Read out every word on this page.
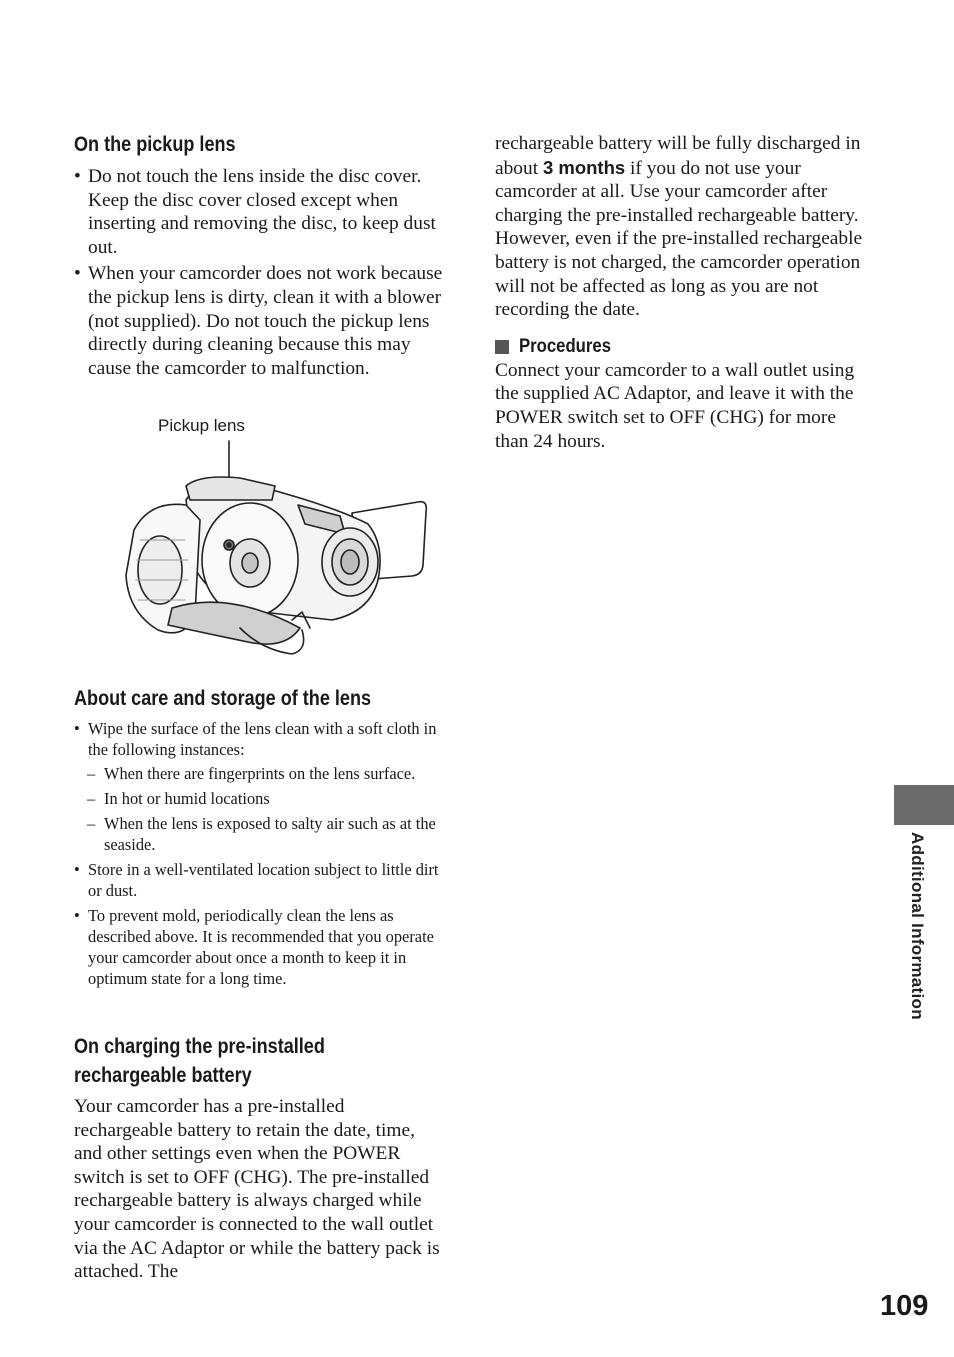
On the pickup lens
• Do not touch the lens inside the disc cover. Keep the disc cover closed except when inserting and removing the disc, to keep dust out.
• When your camcorder does not work because the pickup lens is dirty, clean it with a blower (not supplied). Do not touch the pickup lens directly during cleaning because this may cause the camcorder to malfunction.
Pickup lens
About care and storage of the lens
• Wipe the surface of the lens clean with a soft cloth in the following instances:
– When there are fingerprints on the lens surface.
– In hot or humid locations
– When the lens is exposed to salty air such as at the seaside.
• Store in a well-ventilated location subject to little dirt or dust.
• To prevent mold, periodically clean the lens as described above. It is recommended that you operate your camcorder about once a month to keep it in optimum state for a long time.
On charging the pre-installed
rechargeable battery

Your camcorder has a pre-installed rechargeable battery to retain the date, time, and other settings even when the POWER switch is set to OFF (CHG). The pre-installed rechargeable battery is always charged while your camcorder is connected to the wall outlet via the AC Adaptor or while the battery pack is attached. The

rechargeable battery will be fully discharged in about 3 months if you do not use your camcorder at all. Use your camcorder after charging the pre-installed rechargeable battery.

However, even if the pre-installed rechargeable battery is not charged, the camcorder operation will not be affected as long as you are not recording the date.

Procedures

Connect your camcorder to a wall outlet using the supplied AC Adaptor, and leave it with the POWER switch set to OFF (CHG) for more than 24 hours.

Additional Information
109
